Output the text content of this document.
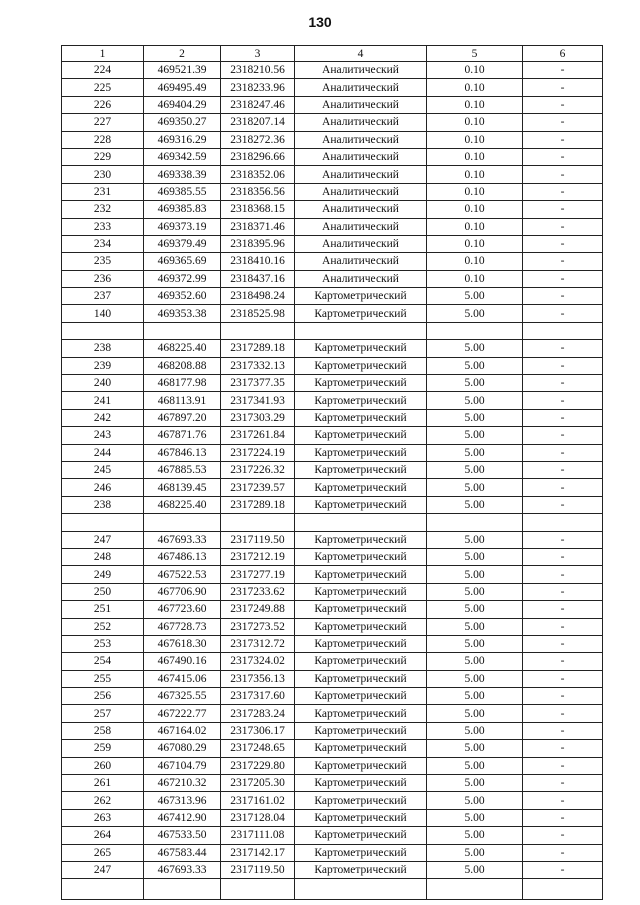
130
1	2	3	4	5	6
224	469521.39	2318210.56	Аналитический	0.10	-
225	469495.49	2318233.96	Аналитический	0.10	-
226	469404.29	2318247.46	Аналитический	0.10	-
227	469350.27	2318207.14	Аналитический	0.10	-
228	469316.29	2318272.36	Аналитический	0.10	-
229	469342.59	2318296.66	Аналитический	0.10	-
230	469338.39	2318352.06	Аналитический	0.10	-
231	469385.55	2318356.56	Аналитический	0.10	-
232	469385.83	2318368.15	Аналитический	0.10	-
233	469373.19	2318371.46	Аналитический	0.10	-
234	469379.49	2318395.96	Аналитический	0.10	-
235	469365.69	2318410.16	Аналитический	0.10	-
236	469372.99	2318437.16	Аналитический	0.10	-
237	469352.60	2318498.24	Картометрический	5.00	-
140	469353.38	2318525.98	Картометрический	5.00	-

238	468225.40	2317289.18	Картометрический	5.00	-
239	468208.88	2317332.13	Картометрический	5.00	-
240	468177.98	2317377.35	Картометрический	5.00	-
241	468113.91	2317341.93	Картометрический	5.00	-
242	467897.20	2317303.29	Картометрический	5.00	-
243	467871.76	2317261.84	Картометрический	5.00	-
244	467846.13	2317224.19	Картометрический	5.00	-
245	467885.53	2317226.32	Картометрический	5.00	-
246	468139.45	2317239.57	Картометрический	5.00	-
238	468225.40	2317289.18	Картометрический	5.00	-

247	467693.33	2317119.50	Картометрический	5.00	-
248	467486.13	2317212.19	Картометрический	5.00	-
249	467522.53	2317277.19	Картометрический	5.00	-
250	467706.90	2317233.62	Картометрический	5.00	-
251	467723.60	2317249.88	Картометрический	5.00	-
252	467728.73	2317273.52	Картометрический	5.00	-
253	467618.30	2317312.72	Картометрический	5.00	-
254	467490.16	2317324.02	Картометрический	5.00	-
255	467415.06	2317356.13	Картометрический	5.00	-
256	467325.55	2317317.60	Картометрический	5.00	-
257	467222.77	2317283.24	Картометрический	5.00	-
258	467164.02	2317306.17	Картометрический	5.00	-
259	467080.29	2317248.65	Картометрический	5.00	-
260	467104.79	2317229.80	Картометрический	5.00	-
261	467210.32	2317205.30	Картометрический	5.00	-
262	467313.96	2317161.02	Картометрический	5.00	-
263	467412.90	2317128.04	Картометрический	5.00	-
264	467533.50	2317111.08	Картометрический	5.00	-
265	467583.44	2317142.17	Картометрический	5.00	-
247	467693.33	2317119.50	Картометрический	5.00	-
